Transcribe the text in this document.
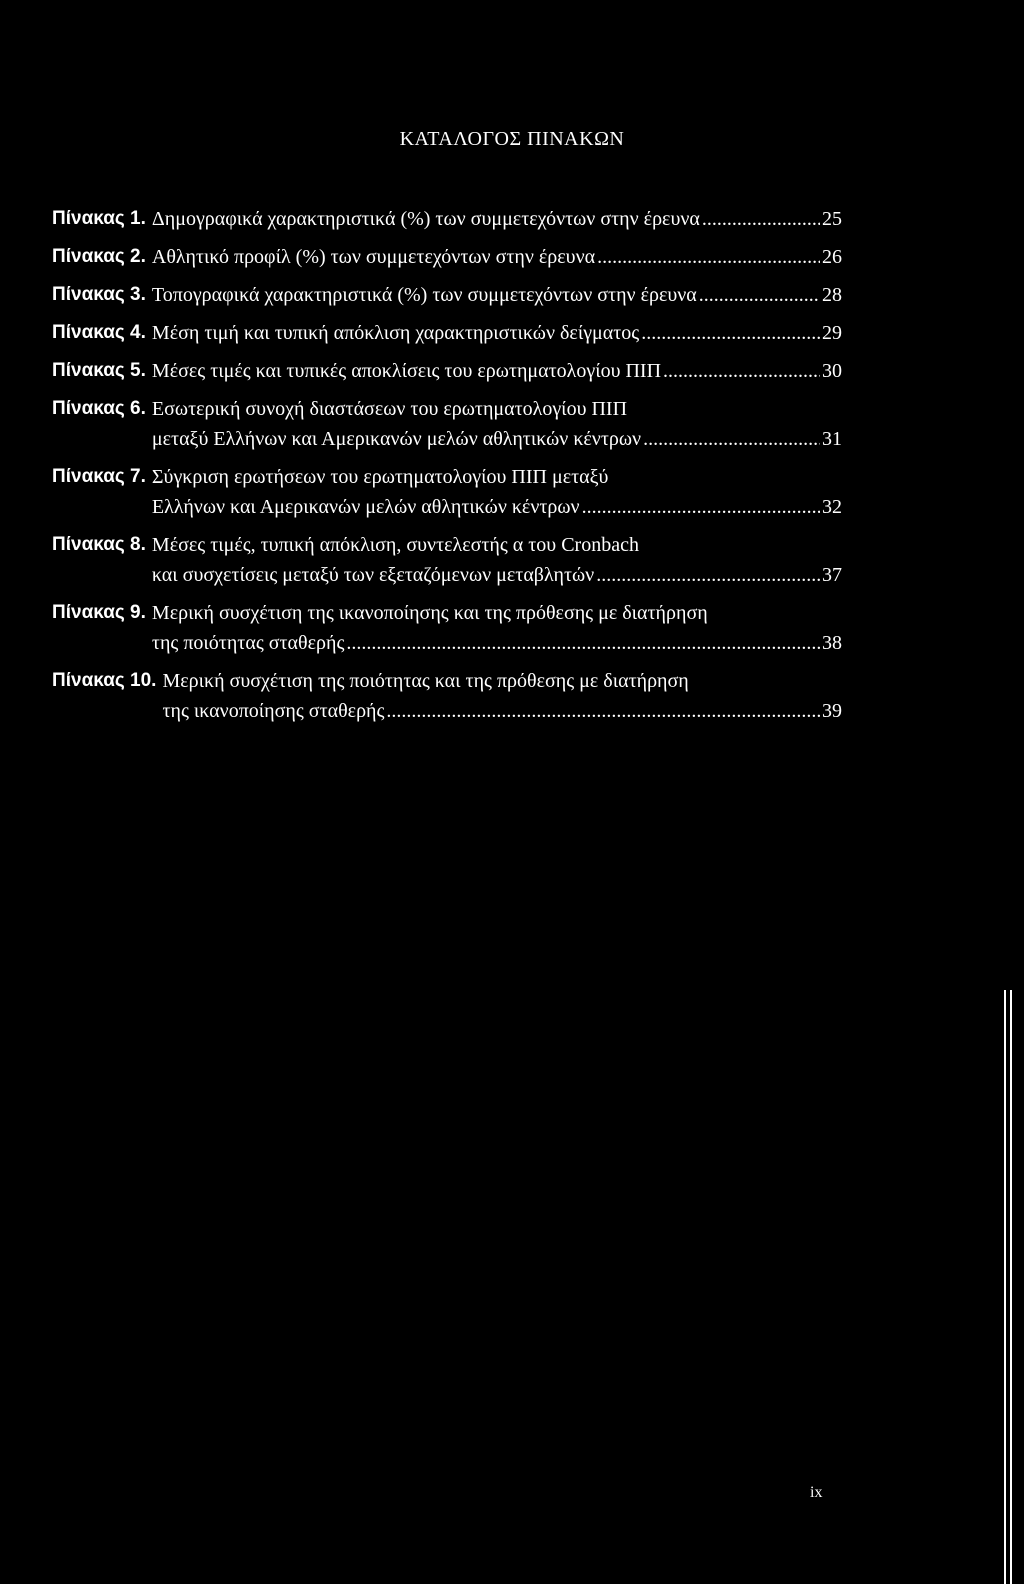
ΚΑΤΑΛΟΓΟΣ ΠΙΝΑΚΩΝ
Πίνακας 1. Δημογραφικά χαρακτηριστικά (%) των συμμετεχόντων στην έρευνα .....	25
Πίνακας 2. Αθλητικό προφίλ (%) των συμμετεχόντων στην έρευνα .....	26
Πίνακας 3. Τοπογραφικά χαρακτηριστικά (%) των συμμετεχόντων στην έρευνα .....	28
Πίνακας 4. Μέση τιμή και τυπική απόκλιση χαρακτηριστικών δείγματος .....	29
Πίνακας 5. Μέσες τιμές και τυπικές αποκλίσεις του ερωτηματολογίου ΠΙΠ .....	30
Πίνακας 6. Εσωτερική συνοχή διαστάσεων του ερωτηματολογίου ΠΙΠ
μεταξύ Ελλήνων και Αμερικανών μελών αθλητικών κέντρων .....	31
Πίνακας 7. Σύγκριση ερωτήσεων του ερωτηματολογίου ΠΙΠ μεταξύ
Ελλήνων και Αμερικανών μελών αθλητικών κέντρων .....	32
Πίνακας 8. Μέσες τιμές, τυπική απόκλιση, συντελεστής α του Cronbach
και συσχετίσεις μεταξύ των εξεταζόμενων μεταβλητών .....	37
Πίνακας 9. Μερική συσχέτιση της ικανοποίησης και της πρόθεσης με διατήρηση
της ποιότητας σταθερής .....	38
Πίνακας 10. Μερική συσχέτιση της ποιότητας και της πρόθεσης με διατήρηση
της ικανοποίησης σταθερής .....	39
ix
